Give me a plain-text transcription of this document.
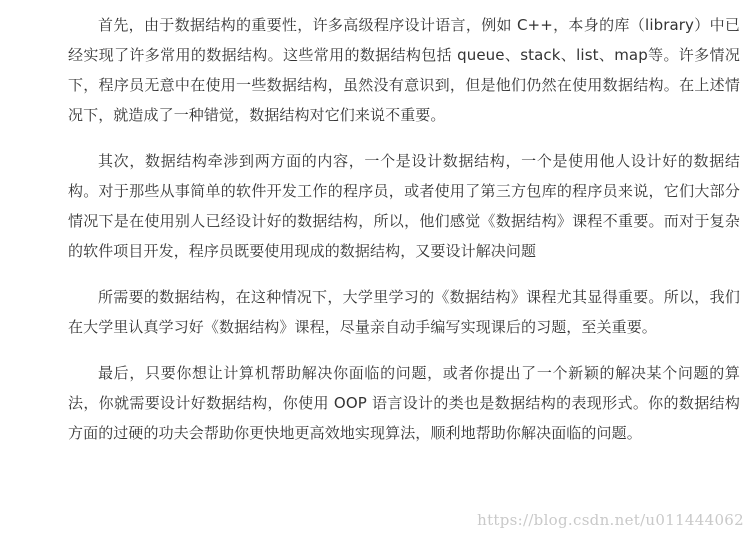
首先，由于数据结构的重要性，许多高级程序设计语言，例如 C++，本身的库（library）中已经实现了许多常用的数据结构。这些常用的数据结构包括 queue、stack、list、map等。许多情况下，程序员无意中在使用一些数据结构，虽然没有意识到，但是他们仍然在使用数据结构。在上述情况下，就造成了一种错觉，数据结构对它们来说不重要。

其次，数据结构牵涉到两方面的内容，一个是设计数据结构，一个是使用他人设计好的数据结构。对于那些从事简单的软件开发工作的程序员，或者使用了第三方包库的程序员来说，它们大部分情况下是在使用别人已经设计好的数据结构，所以，他们感觉《数据结构》课程不重要。而对于复杂的软件项目开发，程序员既要使用现成的数据结构，又要设计解决问题

所需要的数据结构，在这种情况下，大学里学习的《数据结构》课程尤其显得重要。所以，我们在大学里认真学习好《数据结构》课程，尽量亲自动手编写实现课后的习题，至关重要。

最后，只要你想让计算机帮助解决你面临的问题，或者你提出了一个新颖的解决某个问题的算法，你就需要设计好数据结构，你使用 OOP 语言设计的类也是数据结构的表现形式。你的数据结构方面的过硬的功夫会帮助你更快地更高效地实现算法，顺利地帮助你解决面临的问题。

https://blog.csdn.net/u011444062
